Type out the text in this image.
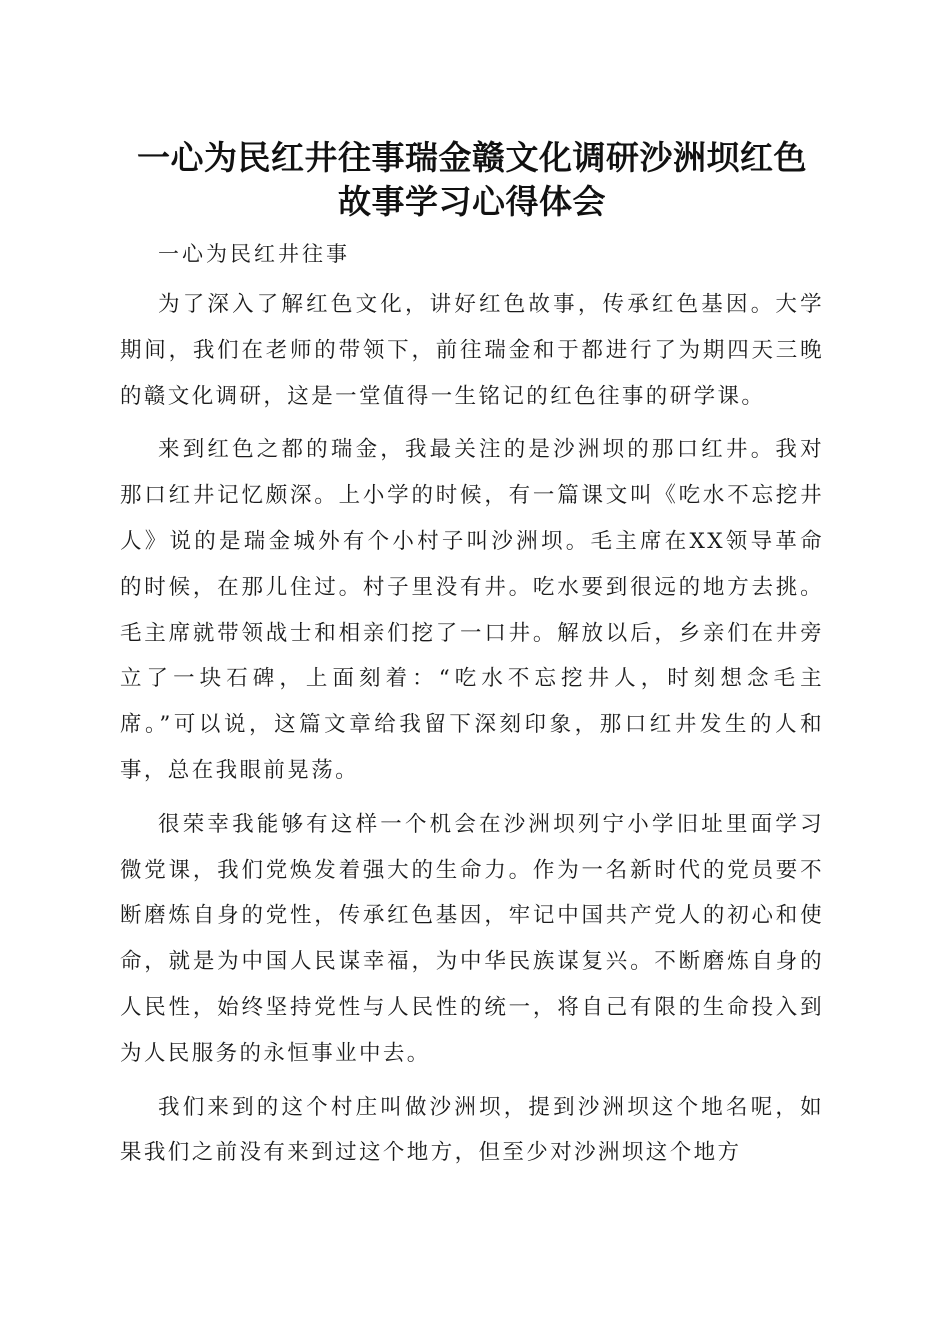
一心为民红井往事瑞金赣文化调研沙洲坝红色
故事学习心得体会

一心为民红井往事

为了深入了解红色文化，讲好红色故事，传承红色基因。大学期间，我们在老师的带领下，前往瑞金和于都进行了为期四天三晚的赣文化调研，这是一堂值得一生铭记的红色往事的研学课。

来到红色之都的瑞金，我最关注的是沙洲坝的那口红井。我对那口红井记忆颇深。上小学的时候，有一篇课文叫《吃水不忘挖井人》说的是瑞金城外有个小村子叫沙洲坝。毛主席在XX领导革命的时候，在那儿住过。村子里没有井。吃水要到很远的地方去挑。毛主席就带领战士和相亲们挖了一口井。解放以后，乡亲们在井旁立了一块石碑，上面刻着：“吃水不忘挖井人，时刻想念毛主席。”可以说，这篇文章给我留下深刻印象，那口红井发生的人和事，总在我眼前晃荡。

很荣幸我能够有这样一个机会在沙洲坝列宁小学旧址里面学习微党课，我们党焕发着强大的生命力。作为一名新时代的党员要不断磨炼自身的党性，传承红色基因，牢记中国共产党人的初心和使命，就是为中国人民谋幸福，为中华民族谋复兴。不断磨炼自身的人民性，始终坚持党性与人民性的统一，将自己有限的生命投入到为人民服务的永恒事业中去。

我们来到的这个村庄叫做沙洲坝，提到沙洲坝这个地名呢，如果我们之前没有来到过这个地方，但至少对沙洲坝这个地方
